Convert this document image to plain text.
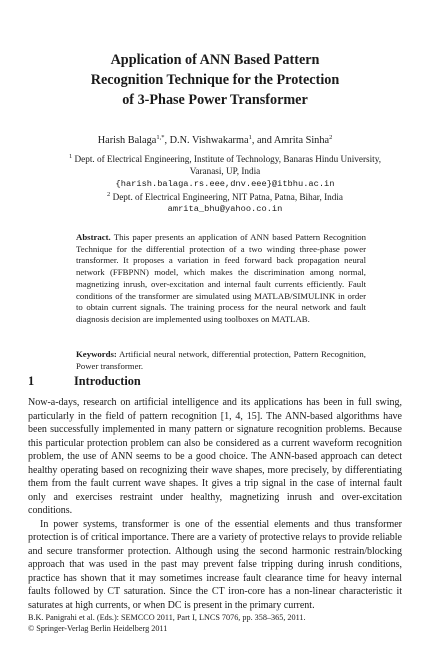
Application of ANN Based Pattern
Recognition Technique for the Protection
of 3-Phase Power Transformer
Harish Balaga$^{1,*}$, D.N. Vishwakarma$^1$, and Amrita Sinha$^2$
$^1$ Dept. of Electrical Engineering, Institute of Technology, Banaras Hindu University,
Varanasi, UP, India
{harish.balaga.rs.eee,dnv.eee}@itbhu.ac.in
$^2$ Dept. of Electrical Engineering, NIT Patna, Patna, Bihar, India
amrita_bhu@yahoo.co.in
Abstract. This paper presents an application of ANN based Pattern Recognition Technique for the differential protection of a two winding three-phase power transformer. It proposes a variation in feed forward back propagation neural network (FFBPNN) model, which makes the discrimination among normal, magnetizing inrush, over-excitation and internal fault currents efficiently. Fault conditions of the transformer are simulated using MATLAB/SIMULINK in order to obtain current signals. The training process for the neural network and fault diagnosis decision are implemented using toolboxes on MATLAB.
Keywords: Artificial neural network, differential protection, Pattern Recognition, Power transformer.
1	Introduction

Now-a-days, research on artificial intelligence and its applications has been in full swing, particularly in the field of pattern recognition [1, 4, 15]. The ANN-based algorithms have been successfully implemented in many pattern or signature recognition problems. Because this particular protection problem can also be considered as a current waveform recognition problem, the use of ANN seems to be a good choice. The ANN-based approach can detect healthy operating based on recognizing their wave shapes, more precisely, by differentiating them from the fault current wave shapes. It gives a trip signal in the case of internal fault only and exercises restraint under healthy, magnetizing inrush and over-excitation conditions.

In power systems, transformer is one of the essential elements and thus transformer protection is of critical importance. There are a variety of protective relays to provide reliable and secure transformer protection. Although using the second harmonic restrain/blocking approach that was used in the past may prevent false tripping during inrush conditions, practice has shown that it may sometimes increase fault clearance time for heavy internal faults followed by CT saturation. Since the CT iron-core has a non-linear characteristic it saturates at high currents, or when DC is present in the primary current.

B.K. Panigrahi et al. (Eds.): SEMCCO 2011, Part I, LNCS 7076, pp. 358–365, 2011.
© Springer-Verlag Berlin Heidelberg 2011
